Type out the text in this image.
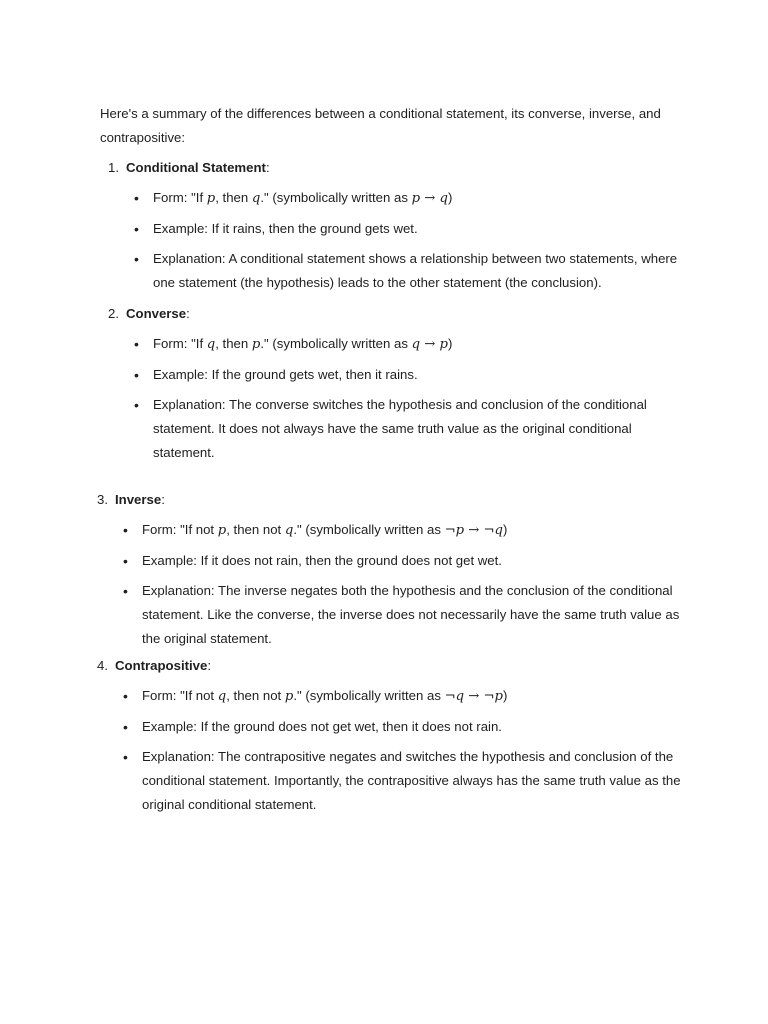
Here's a summary of the differences between a conditional statement, its converse, inverse, and contrapositive:

1. Conditional Statement:
• Form: "If p, then q." (symbolically written as p → q)
• Example: If it rains, then the ground gets wet.
• Explanation: A conditional statement shows a relationship between two statements, where one statement (the hypothesis) leads to the other statement (the conclusion).
2. Converse:
• Form: "If q, then p." (symbolically written as q → p)
• Example: If the ground gets wet, then it rains.
• Explanation: The converse switches the hypothesis and conclusion of the conditional statement. It does not always have the same truth value as the original conditional statement.
3. Inverse:
• Form: "If not p, then not q." (symbolically written as ¬p → ¬q)
• Example: If it does not rain, then the ground does not get wet.
• Explanation: The inverse negates both the hypothesis and the conclusion of the conditional statement. Like the converse, the inverse does not necessarily have the same truth value as the original statement.
4. Contrapositive:
• Form: "If not q, then not p." (symbolically written as ¬q → ¬p)
• Example: If the ground does not get wet, then it does not rain.
• Explanation: The contrapositive negates and switches the hypothesis and conclusion of the conditional statement. Importantly, the contrapositive always has the same truth value as the original conditional statement.
